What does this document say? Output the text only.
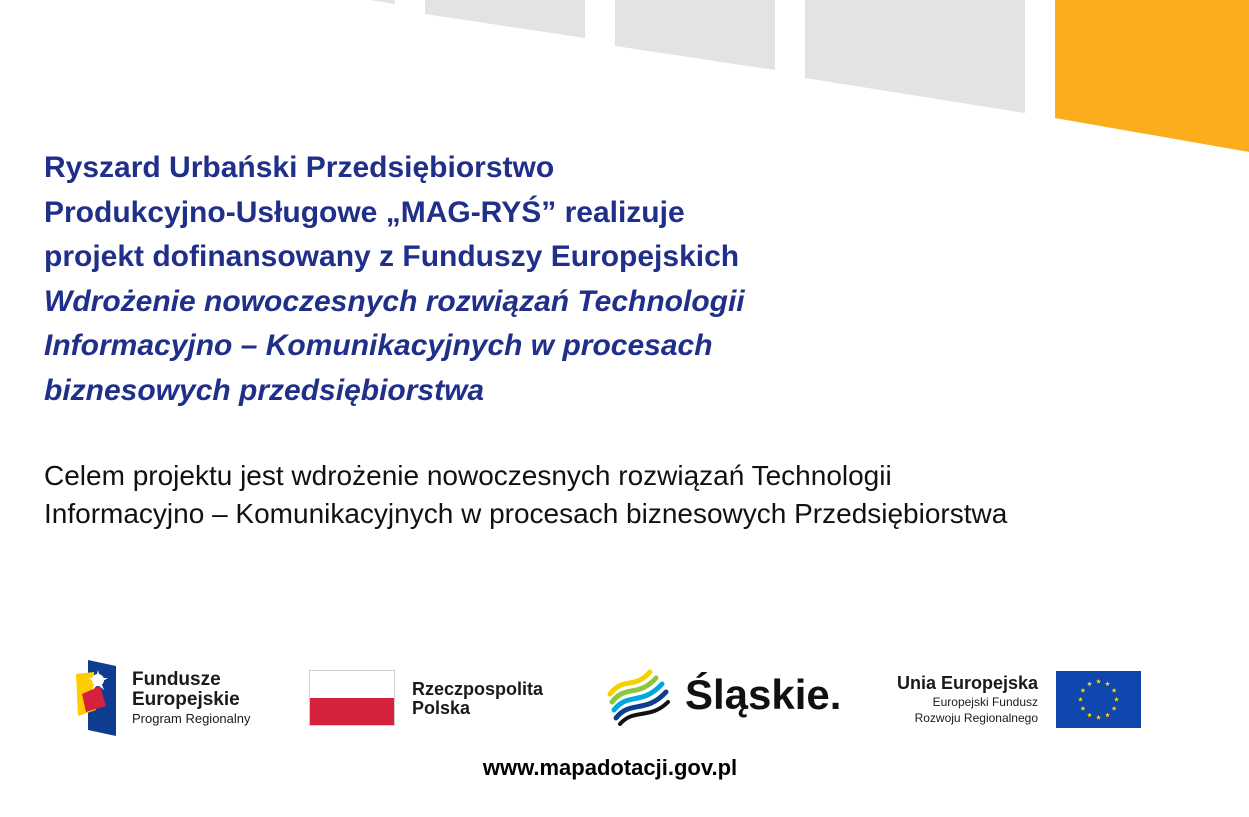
Ryszard Urbański Przedsiębiorstwo
Produkcyjno-Usługowe „MAG-RYŚ” realizuje
projekt dofinansowany z Funduszy Europejskich
Wdrożenie nowoczesnych rozwiązań Technologii
Informacyjno – Komunikacyjnych w procesach
biznesowych przedsiębiorstwa
Celem projektu jest wdrożenie nowoczesnych rozwiązań Technologii
Informacyjno – Komunikacyjnych w procesach biznesowych Przedsiębiorstwa
Fundusze
Europejskie
Program Regionalny
Rzeczpospolita
Polska	Śląskie.	Unia Europejska
Europejski Fundusz
Rozwoju Regionalnego

www.mapadotacji.gov.pl
